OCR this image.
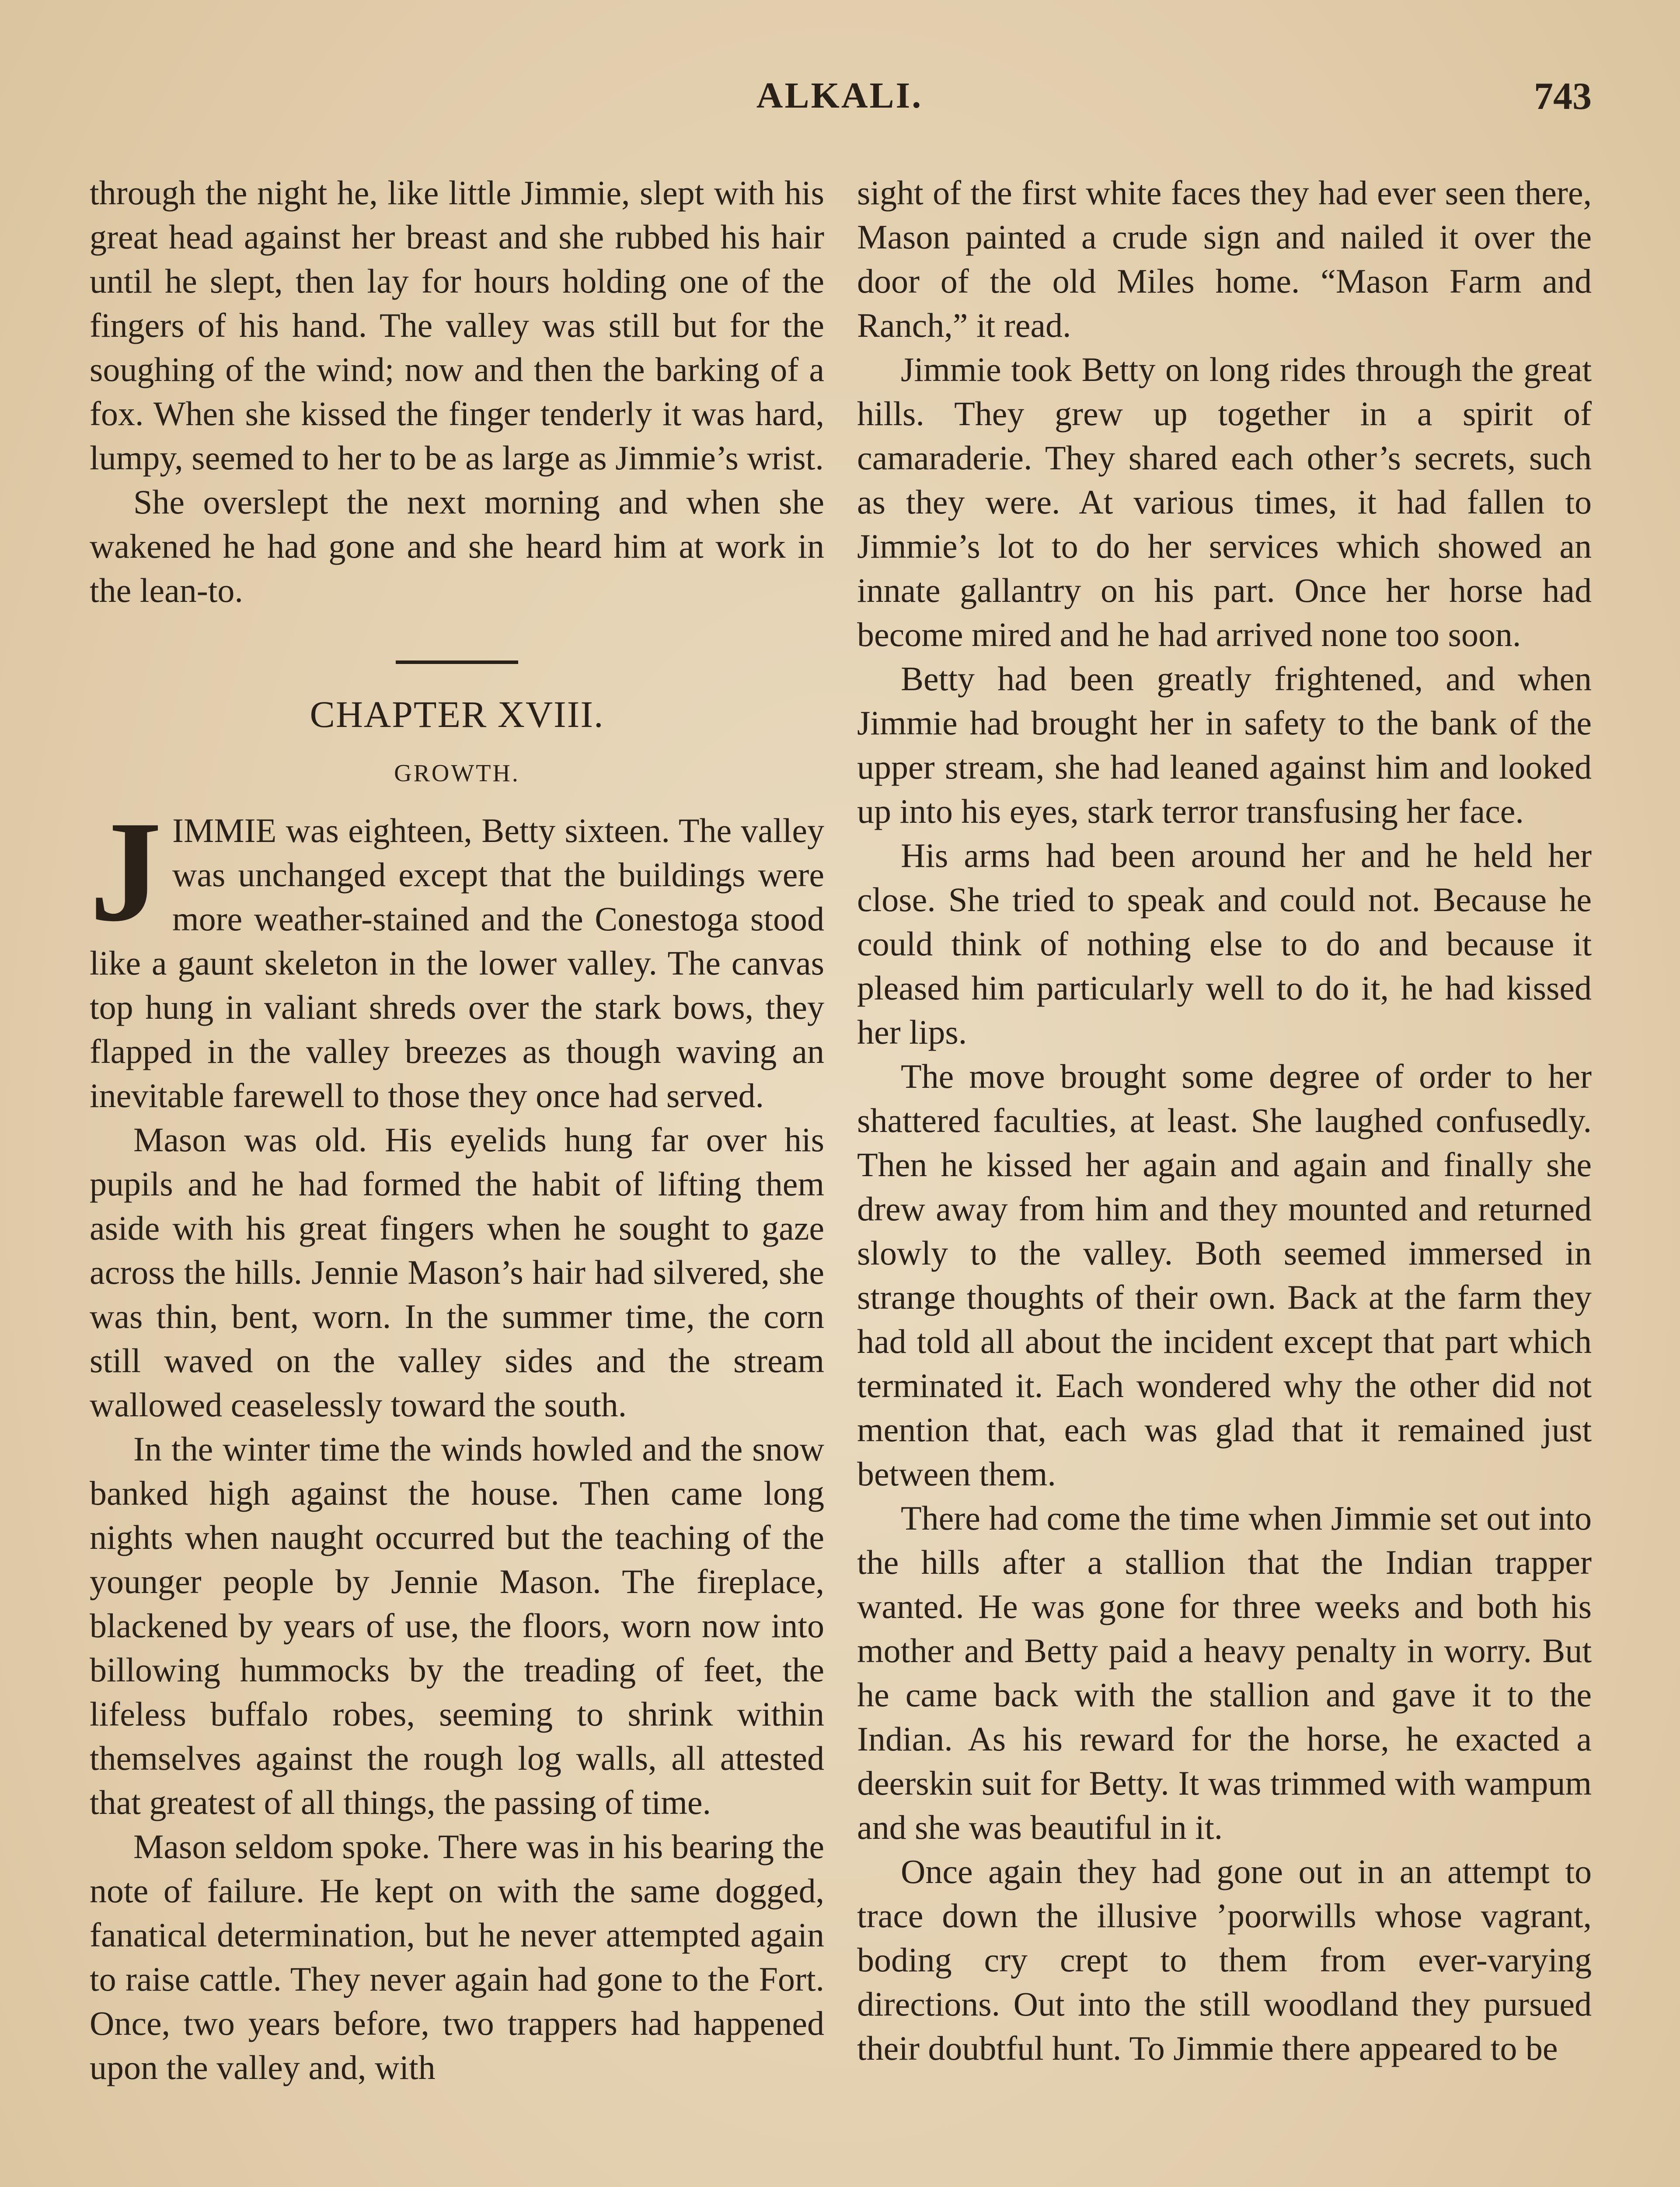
ALKALI.	743

through the night he, like little Jimmie, slept with his great head against her breast and she rubbed his hair until he slept, then lay for hours holding one of the fingers of his hand. The valley was still but for the soughing of the wind; now and then the barking of a fox. When she kissed the finger tenderly it was hard, lumpy, seemed to her to be as large as Jimmie’s wrist.

She overslept the next morning and when she wakened he had gone and she heard him at work in the lean-to.

CHAPTER XVIII.
GROWTH.

JIMMIE was eighteen, Betty sixteen. The valley was unchanged except that the buildings were more weather-stained and the Conestoga stood like a gaunt skeleton in the lower valley. The canvas top hung in valiant shreds over the stark bows, they flapped in the valley breezes as though waving an inevitable farewell to those they once had served.

Mason was old. His eyelids hung far over his pupils and he had formed the habit of lifting them aside with his great fingers when he sought to gaze across the hills. Jennie Mason’s hair had silvered, she was thin, bent, worn. In the summer time, the corn still waved on the valley sides and the stream wallowed ceaselessly toward the south.

In the winter time the winds howled and the snow banked high against the house. Then came long nights when naught occurred but the teaching of the younger people by Jennie Mason. The fireplace, blackened by years of use, the floors, worn now into billowing hummocks by the treading of feet, the lifeless buffalo robes, seeming to shrink within themselves against the rough log walls, all attested that greatest of all things, the passing of time.

Mason seldom spoke. There was in his bearing the note of failure. He kept on with the same dogged, fanatical determination, but he never attempted again to raise cattle. They never again had gone to the Fort. Once, two years before, two trappers had happened upon the valley and, with

sight of the first white faces they had ever seen there, Mason painted a crude sign and nailed it over the door of the old Miles home. “Mason Farm and Ranch,” it read.

Jimmie took Betty on long rides through the great hills. They grew up together in a spirit of camaraderie. They shared each other’s secrets, such as they were. At various times, it had fallen to Jimmie’s lot to do her services which showed an innate gallantry on his part. Once her horse had become mired and he had arrived none too soon.

Betty had been greatly frightened, and when Jimmie had brought her in safety to the bank of the upper stream, she had leaned against him and looked up into his eyes, stark terror transfusing her face.

His arms had been around her and he held her close. She tried to speak and could not. Because he could think of nothing else to do and because it pleased him particularly well to do it, he had kissed her lips.

The move brought some degree of order to her shattered faculties, at least. She laughed confusedly. Then he kissed her again and again and finally she drew away from him and they mounted and returned slowly to the valley. Both seemed immersed in strange thoughts of their own. Back at the farm they had told all about the incident except that part which terminated it. Each wondered why the other did not mention that, each was glad that it remained just between them.

There had come the time when Jimmie set out into the hills after a stallion that the Indian trapper wanted. He was gone for three weeks and both his mother and Betty paid a heavy penalty in worry. But he came back with the stallion and gave it to the Indian. As his reward for the horse, he exacted a deerskin suit for Betty. It was trimmed with wampum and she was beautiful in it.

Once again they had gone out in an attempt to trace down the illusive ’poorwills whose vagrant, boding cry crept to them from ever-varying directions. Out into the still woodland they pursued their doubtful hunt. To Jimmie there appeared to be
